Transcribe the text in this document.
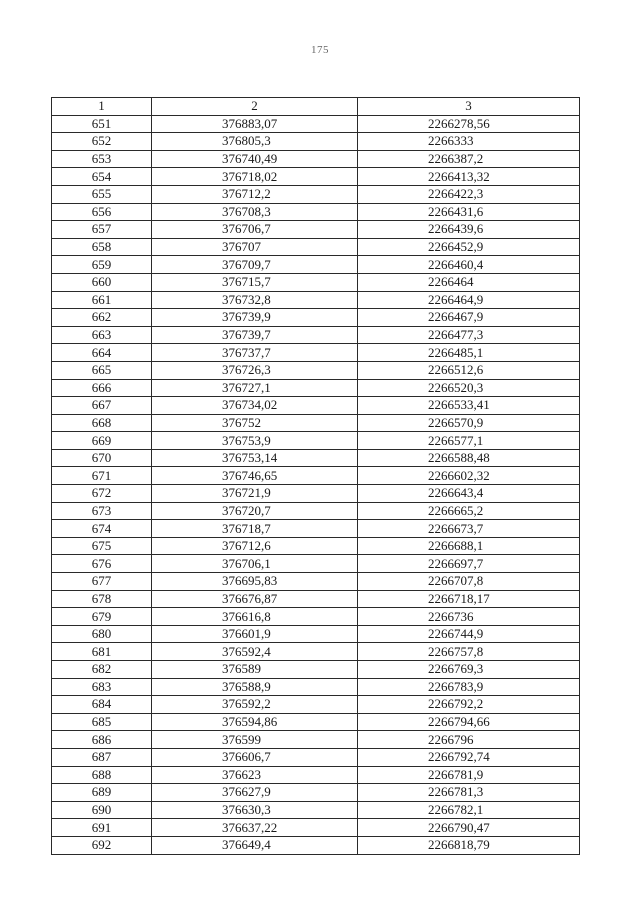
175
1	2	3
651	376883,07	2266278,56
652	376805,3	2266333
653	376740,49	2266387,2
654	376718,02	2266413,32
655	376712,2	2266422,3
656	376708,3	2266431,6
657	376706,7	2266439,6
658	376707	2266452,9
659	376709,7	2266460,4
660	376715,7	2266464
661	376732,8	2266464,9
662	376739,9	2266467,9
663	376739,7	2266477,3
664	376737,7	2266485,1
665	376726,3	2266512,6
666	376727,1	2266520,3
667	376734,02	2266533,41
668	376752	2266570,9
669	376753,9	2266577,1
670	376753,14	2266588,48
671	376746,65	2266602,32
672	376721,9	2266643,4
673	376720,7	2266665,2
674	376718,7	2266673,7
675	376712,6	2266688,1
676	376706,1	2266697,7
677	376695,83	2266707,8
678	376676,87	2266718,17
679	376616,8	2266736
680	376601,9	2266744,9
681	376592,4	2266757,8
682	376589	2266769,3
683	376588,9	2266783,9
684	376592,2	2266792,2
685	376594,86	2266794,66
686	376599	2266796
687	376606,7	2266792,74
688	376623	2266781,9
689	376627,9	2266781,3
690	376630,3	2266782,1
691	376637,22	2266790,47
692	376649,4	2266818,79
